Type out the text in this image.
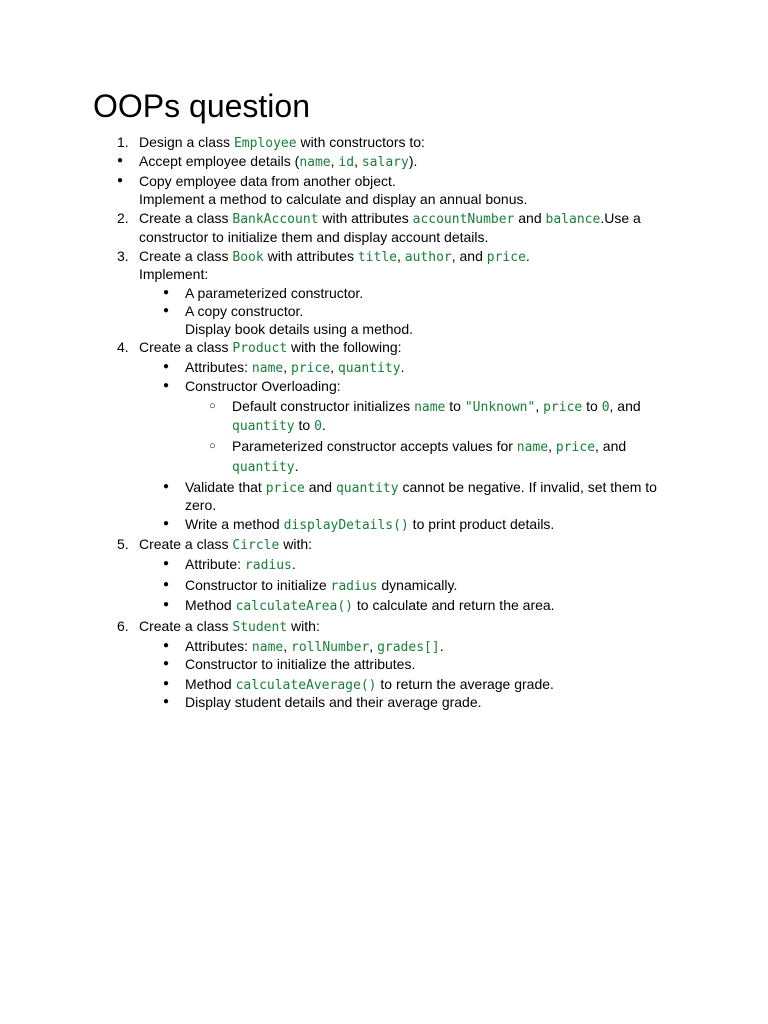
OOPs question
1. Design a class Employee with constructors to:
● Accept employee details (name, id, salary).
● Copy employee data from another object.
Implement a method to calculate and display an annual bonus.
2. Create a class BankAccount with attributes accountNumber and balance.Use a
constructor to initialize them and display account details.
3. Create a class Book with attributes title, author, and price.
Implement:
● A parameterized constructor.
● A copy constructor.
Display book details using a method.
4. Create a class Product with the following:
● Attributes: name, price, quantity.
● Constructor Overloading:
○ Default constructor initializes name to "Unknown", price to 0, and
quantity to 0.
○ Parameterized constructor accepts values for name, price, and
quantity.
● Validate that price and quantity cannot be negative. If invalid, set them to
zero.
● Write a method displayDetails() to print product details.
5. Create a class Circle with:
● Attribute: radius.
● Constructor to initialize radius dynamically.
● Method calculateArea() to calculate and return the area.
6. Create a class Student with:
● Attributes: name, rollNumber, grades[].
● Constructor to initialize the attributes.
● Method calculateAverage() to return the average grade.
● Display student details and their average grade.
